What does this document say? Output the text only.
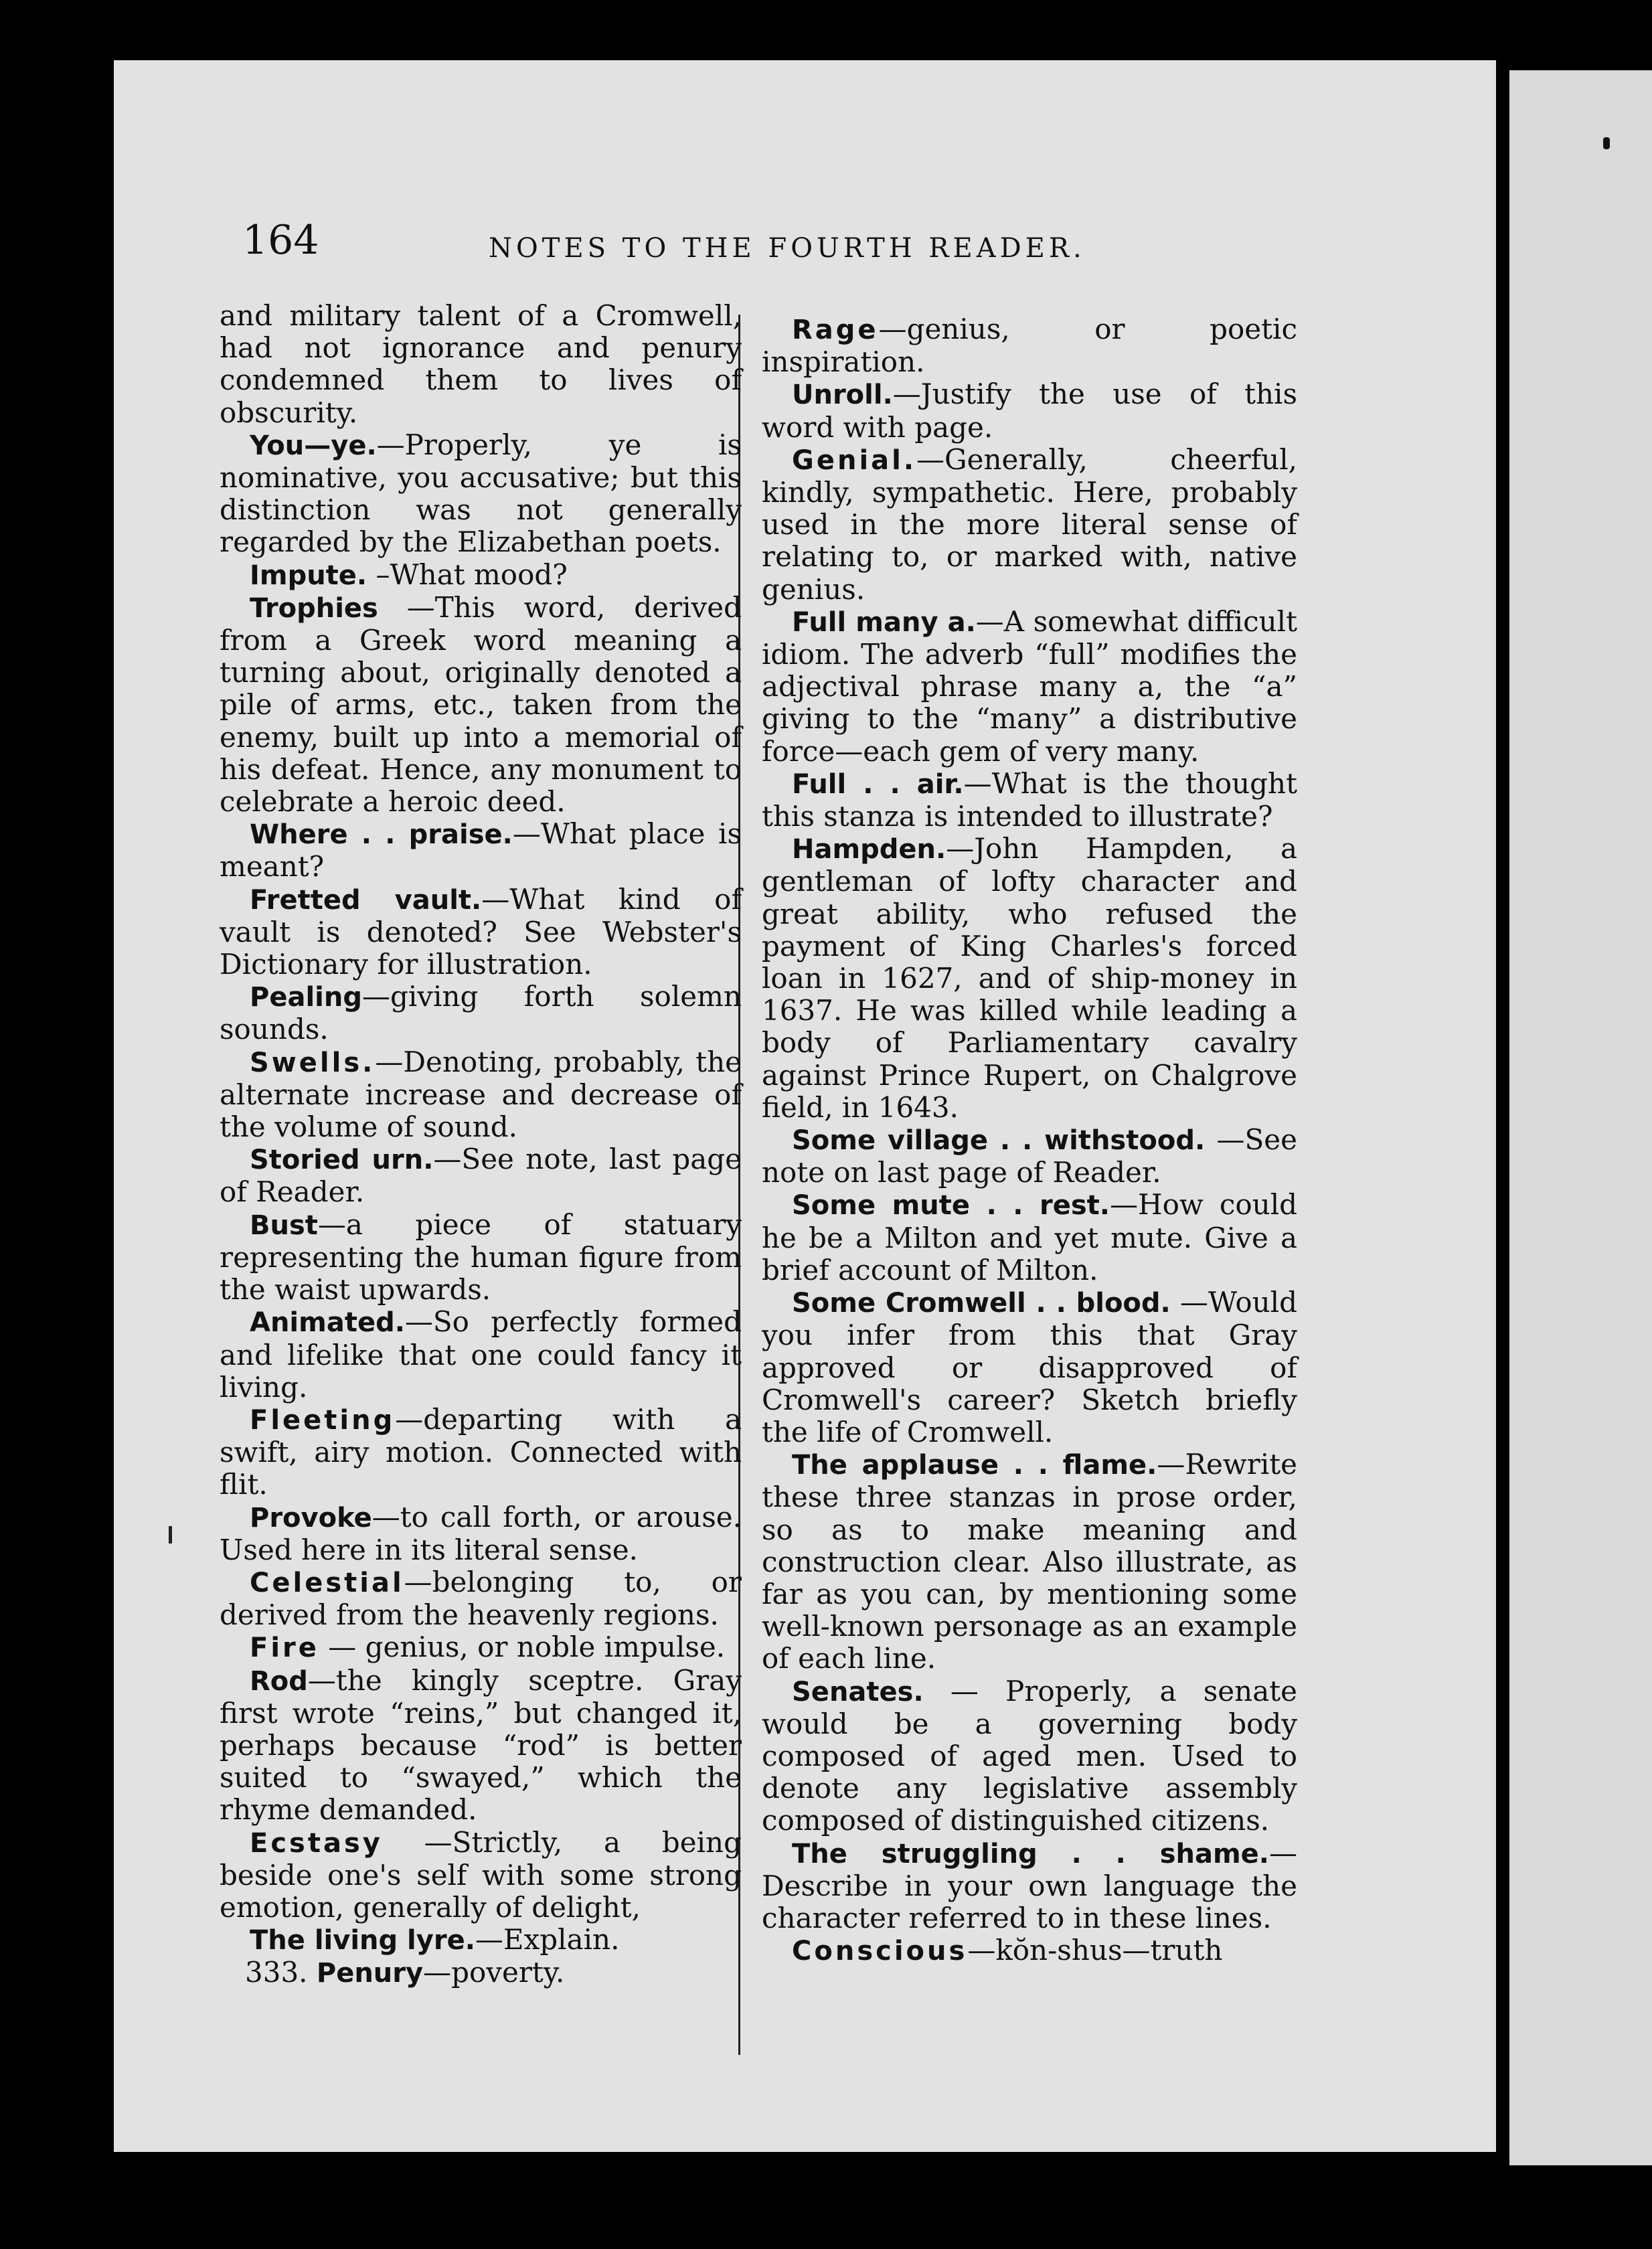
164	NOTES TO THE FOURTH READER.

and military talent of a Cromwell, had not ignorance and penury condemned them to lives of obscurity.

You—ye.—Properly, ye is nominative, you accusative; but this distinction was not generally regarded by the Elizabethan poets.

Impute. –What mood?

Trophies —This word, derived from a Greek word meaning a turning about, originally denoted a pile of arms, etc., taken from the enemy, built up into a memorial of his defeat. Hence, any monument to celebrate a heroic deed.

Where . . praise.—What place is meant?

Fretted vault.—What kind of vault is denoted? See Webster's Dictionary for illustration.

Pealing—giving forth solemn sounds.

Swells.—Denoting, probably, the alternate increase and decrease of the volume of sound.

Storied urn.—See note, last page of Reader.

Bust—a piece of statuary representing the human figure from the waist upwards.

Animated.—So perfectly formed and lifelike that one could fancy it living.

Fleeting—departing with a swift, airy motion. Connected with flit.

Provoke—to call forth, or arouse. Used here in its literal sense.

Celestial—belonging to, or derived from the heavenly regions.

Fire — genius, or noble impulse.

Rod—the kingly sceptre. Gray first wrote “reins,” but changed it, perhaps because “rod” is better suited to “swayed,” which the rhyme demanded.

Ecstasy —Strictly, a being beside one's self with some strong emotion, generally of delight,

The living lyre.—Explain.

333. Penury—poverty.

Rage—genius, or poetic inspiration.

Unroll.—Justify the use of this word with page.

Genial.—Generally, cheerful, kindly, sympathetic. Here, probably used in the more literal sense of relating to, or marked with, native genius.

Full many a.—A somewhat difficult idiom. The adverb “full” modifies the adjectival phrase many a, the “a” giving to the “many” a distributive force—each gem of very many.

Full . . air.—What is the thought this stanza is intended to illustrate?

Hampden.—John Hampden, a gentleman of lofty character and great ability, who refused the payment of King Charles's forced loan in 1627, and of ship-money in 1637. He was killed while leading a body of Parliamentary cavalry against Prince Rupert, on Chalgrove field, in 1643.

Some village . . withstood. —See note on last page of Reader.

Some mute . . rest.—How could he be a Milton and yet mute. Give a brief account of Milton.

Some Cromwell . . blood. —Would you infer from this that Gray approved or disapproved of Cromwell's career? Sketch briefly the life of Cromwell.

The applause . . flame.—Rewrite these three stanzas in prose order, so as to make meaning and construction clear. Also illustrate, as far as you can, by mentioning some well-known personage as an example of each line.

Senates. — Properly, a senate would be a governing body composed of aged men. Used to denote any legislative assembly composed of distinguished citizens.

The struggling . . shame.— Describe in your own language the character referred to in these lines.

Conscious—kŏn-shus—truth
